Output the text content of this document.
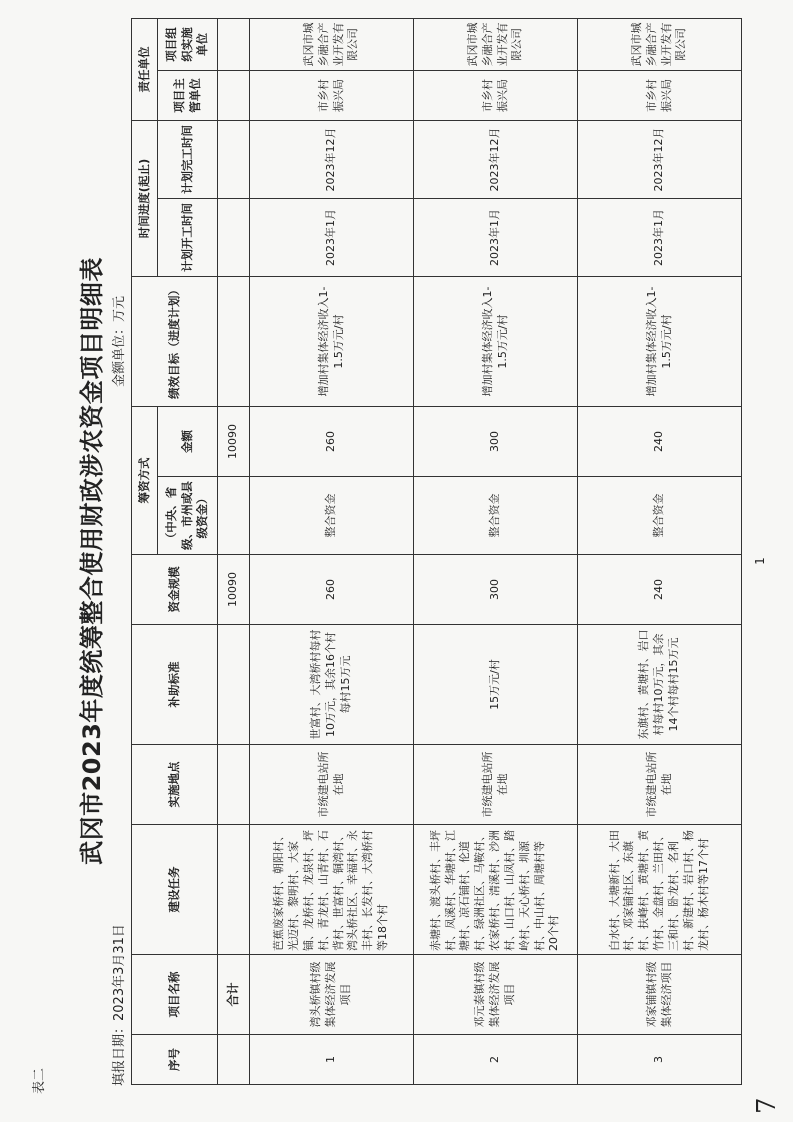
表二
武冈市2023年度统筹整合使用财政涉农资金项目明细表
填报日期：2023年3月31日
金额单位：万元
序号	项目名称	建设任务	实施地点	补助标准	资金规模	筹资方式		绩效目标（进度计划）	时间进度(起止)		责任单位	
						（中央、省级、市州或县级资金）	金额		计划开工时间	计划完工时间	项目主管单位	项目组织实施单位
	合计				10090		10090					
1	湾头桥镇村级集体经济发展项目	芭蕉废家桥村、朝阳村、光迈村、黎明村、大家铺、龙桥村、龙泉村、坪村、青龙村、山青村、石背村、世富村、铜湾村、湾头桥社区、幸福村、永丰村、长发村、大湾桥村等18个村	市统建电站所在地	世富村、大湾桥村每村10万元，其余16个村每村15万元	260	整合资金	260	增加村集体经济收入1-1.5万元/村	2023年1月	2023年12月	市乡村振兴局	武冈市城乡融合产业开发有限公司
2	邓元泰镇村级集体经济发展项目	赤塘村、渡头桥村、丰坪村、凤溪村、华塘村、江塘村、凉石铺村、伦道村、绿洲社区、马鞍村、农家桥村、清溪村、沙洲村、山口村、山凤村、踏岭村、天心桥村、圳源村、中山村、周塘村等20个村	市统建电站所在地	15万元/村	300	整合资金	300	增加村集体经济收入1-1.5万元/村	2023年1月	2023年12月	市乡村振兴局	武冈市城乡融合产业开发有限公司
3	邓家铺镇村级集体经济项目	白水村、大塘新村、大田村、邓家铺社区、东旗村、扶峰村、黄塘村、黄竹村、金盘村、兰田村、三和村、卧龙村、名利村、新建村、岩口村、杨龙村、杨木村等17个村	市统建电站所在地	东旗村、黄塘村、岩口村每村10万元，其余14个村每村15万元	240	整合资金	240	增加村集体经济收入1-1.5万元/村	2023年1月	2023年12月	市乡村振兴局	武冈市城乡融合产业开发有限公司
1
7
